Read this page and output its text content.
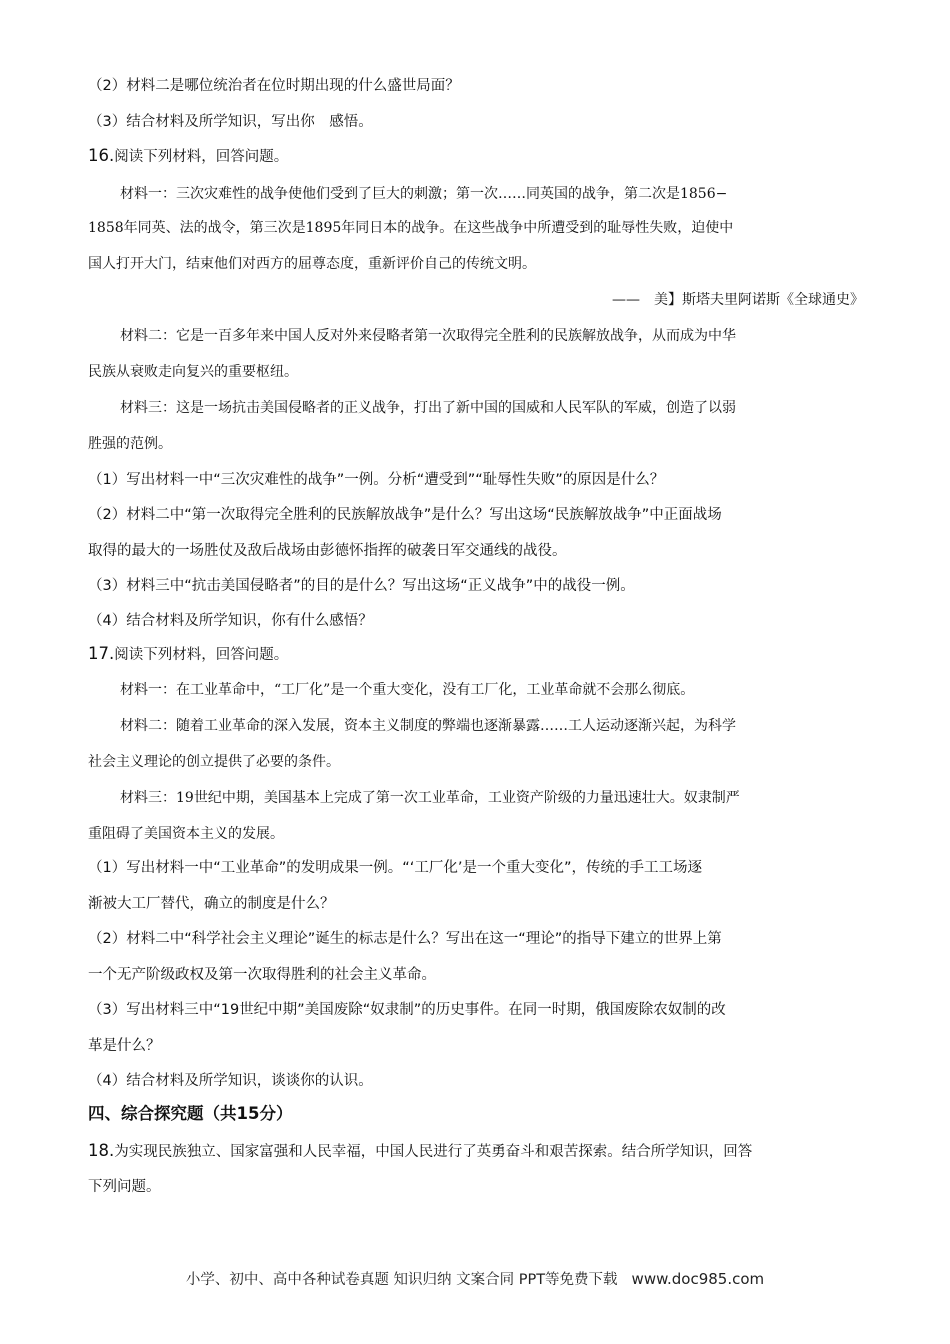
（2）材料二是哪位统治者在位时期出现的什么盛世局面？
（3）结合材料及所学知识，写出你　感悟。
16.阅读下列材料，回答问题。
材料一：三次灾难性的战争使他们受到了巨大的刺激；第一次……同英国的战争，第二次是1856−
1858年同英、法的战令，第三次是1895年同日本的战争。在这些战争中所遭受到的耻辱性失败，迫使中
国人打开大门，结束他们对西方的屈尊态度，重新评价自己的传统文明。
——　美】斯塔夫里阿诺斯《全球通史》
材料二：它是一百多年来中国人反对外来侵略者第一次取得完全胜利的民族解放战争，从而成为中华
民族从衰败走向复兴的重要枢纽。
材料三：这是一场抗击美国侵略者的正义战争，打出了新中国的国威和人民军队的军威，创造了以弱
胜强的范例。
（1）写出材料一中“三次灾难性的战争”一例。分析“遭受到”“耻辱性失败”的原因是什么？
（2）材料二中“第一次取得完全胜利的民族解放战争”是什么？写出这场“民族解放战争”中正面战场
取得的最大的一场胜仗及敌后战场由彭德怀指挥的破袭日军交通线的战役。
（3）材料三中“抗击美国侵略者”的目的是什么？写出这场“正义战争”中的战役一例。
（4）结合材料及所学知识，你有什么感悟？
17.阅读下列材料，回答问题。
材料一：在工业革命中，“工厂化”是一个重大变化，没有工厂化，工业革命就不会那么彻底。
材料二：随着工业革命的深入发展，资本主义制度的弊端也逐渐暴露……工人运动逐渐兴起，为科学
社会主义理论的创立提供了必要的条件。
材料三：19世纪中期，美国基本上完成了第一次工业革命，工业资产阶级的力量迅速壮大。奴隶制严
重阻碍了美国资本主义的发展。
（1）写出材料一中“工业革命”的发明成果一例。“‘工厂化’是一个重大变化”，传统的手工工场逐
渐被大工厂替代，确立的制度是什么？
（2）材料二中“科学社会主义理论”诞生的标志是什么？写出在这一“理论”的指导下建立的世界上第
一个无产阶级政权及第一次取得胜利的社会主义革命。
（3）写出材料三中“19世纪中期”美国废除“奴隶制”的历史事件。在同一时期，俄国废除农奴制的改
革是什么？
（4）结合材料及所学知识，谈谈你的认识。
四、综合探究题（共15分）
18.为实现民族独立、国家富强和人民幸福，中国人民进行了英勇奋斗和艰苦探索。结合所学知识，回答
下列问题。
小学、初中、高中各种试卷真题 知识归纳 文案合同 PPT等免费下载 www.doc985.com
